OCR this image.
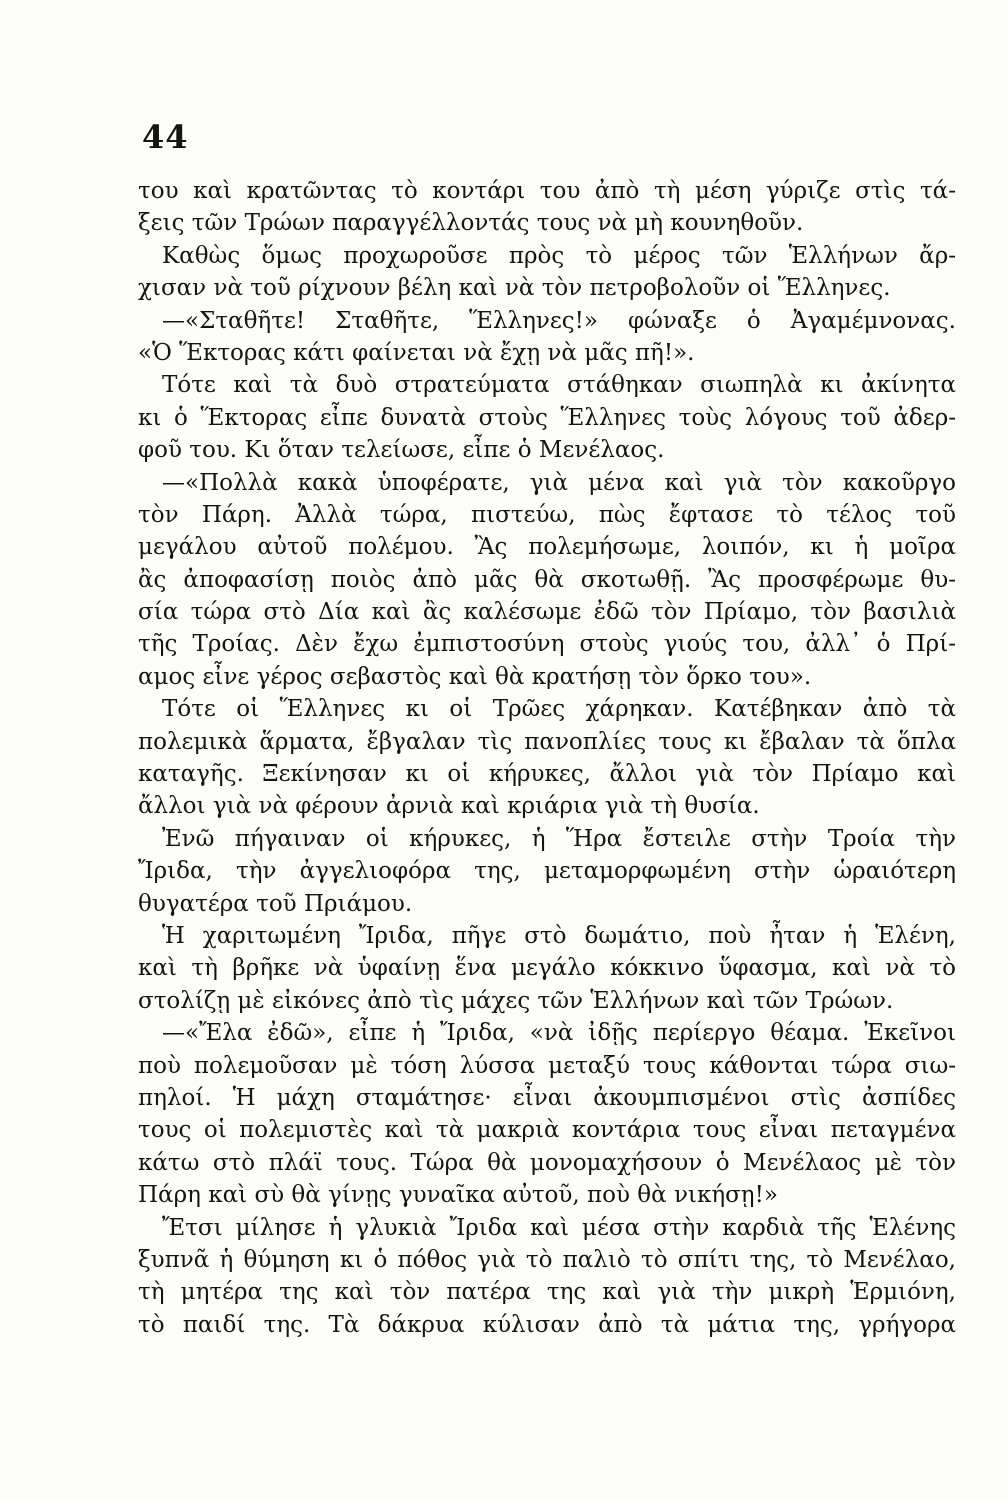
44
του καὶ κρατῶντας τὸ κοντάρι του ἀπὸ τὴ μέση γύριζε στὶς τά-
ξεις τῶν Τρώων παραγγέλλοντάς τους νὰ μὴ κουνηθοῦν.
Καθὼς ὅμως προχωροῦσε πρὸς τὸ μέρος τῶν Ἑλλήνων ἄρ-
χισαν νὰ τοῦ ρίχνουν βέλη καὶ νὰ τὸν πετροβολοῦν οἱ Ἕλληνες.
—«Σταθῆτε! Σταθῆτε, Ἕλληνες!» φώναξε ὁ Ἀγαμέμνονας.
«Ὁ Ἕκτορας κάτι φαίνεται νὰ ἔχῃ νὰ μᾶς πῆ!».
Τότε καὶ τὰ δυὸ στρατεύματα στάθηκαν σιωπηλὰ κι ἀκίνητα
κι ὁ Ἕκτορας εἶπε δυνατὰ στοὺς Ἕλληνες τοὺς λόγους τοῦ ἀδερ-
φοῦ του. Κι ὅταν τελείωσε, εἶπε ὁ Μενέλαος.
—«Πολλὰ κακὰ ὑποφέρατε, γιὰ μένα καὶ γιὰ τὸν κακοῦργο
τὸν Πάρη. Ἀλλὰ τώρα, πιστεύω, πὼς ἔφτασε τὸ τέλος τοῦ
μεγάλου αὐτοῦ πολέμου. Ἂς πολεμήσωμε, λοιπόν, κι ἡ μοῖρα
ἂς ἀποφασίσῃ ποιὸς ἀπὸ μᾶς θὰ σκοτωθῇ. Ἂς προσφέρωμε θυ-
σία τώρα στὸ Δία καὶ ἂς καλέσωμε ἐδῶ τὸν Πρίαμο, τὸν βασιλιὰ
τῆς Τροίας. Δὲν ἔχω ἐμπιστοσύνη στοὺς γιούς του, ἀλλ᾽ ὁ Πρί-
αμος εἶνε γέρος σεβαστὸς καὶ θὰ κρατήσῃ τὸν ὅρκο του».
Τότε οἱ Ἕλληνες κι οἱ Τρῶες χάρηκαν. Κατέβηκαν ἀπὸ τὰ
πολεμικὰ ἅρματα, ἔβγαλαν τὶς πανοπλίες τους κι ἔβαλαν τὰ ὅπλα
καταγῆς. Ξεκίνησαν κι οἱ κήρυκες, ἄλλοι γιὰ τὸν Πρίαμο καὶ
ἄλλοι γιὰ νὰ φέρουν ἀρνιὰ καὶ κριάρια γιὰ τὴ θυσία.
Ἐνῶ πήγαιναν οἱ κήρυκες, ἡ Ἥρα ἔστειλε στὴν Τροία τὴν
Ἴριδα, τὴν ἀγγελιοφόρα της, μεταμορφωμένη στὴν ὡραιότερη
θυγατέρα τοῦ Πριάμου.
Ἡ χαριτωμένη Ἴριδα, πῆγε στὸ δωμάτιο, ποὺ ἦταν ἡ Ἑλένη,
καὶ τὴ βρῆκε νὰ ὑφαίνῃ ἕνα μεγάλο κόκκινο ὕφασμα, καὶ νὰ τὸ
στολίζῃ μὲ εἰκόνες ἀπὸ τὶς μάχες τῶν Ἑλλήνων καὶ τῶν Τρώων.
—«Ἔλα ἐδῶ», εἶπε ἡ Ἴριδα, «νὰ ἰδῇς περίεργο θέαμα. Ἐκεῖνοι
ποὺ πολεμοῦσαν μὲ τόση λύσσα μεταξύ τους κάθονται τώρα σιω-
πηλοί. Ἡ μάχη σταμάτησε· εἶναι ἀκουμπισμένοι στὶς ἀσπίδες
τους οἱ πολεμιστὲς καὶ τὰ μακριὰ κοντάρια τους εἶναι πεταγμένα
κάτω στὸ πλάϊ τους. Τώρα θὰ μονομαχήσουν ὁ Μενέλαος μὲ τὸν
Πάρη καὶ σὺ θὰ γίνῃς γυναῖκα αὐτοῦ, ποὺ θὰ νικήσῃ!»
Ἔτσι μίλησε ἡ γλυκιὰ Ἴριδα καὶ μέσα στὴν καρδιὰ τῆς Ἑλένης
ξυπνᾶ ἡ θύμηση κι ὁ πόθος γιὰ τὸ παλιὸ τὸ σπίτι της, τὸ Μενέλαο,
τὴ μητέρα της καὶ τὸν πατέρα της καὶ γιὰ τὴν μικρὴ Ἑρμιόνη,
τὸ παιδί της. Τὰ δάκρυα κύλισαν ἀπὸ τὰ μάτια της, γρήγορα
